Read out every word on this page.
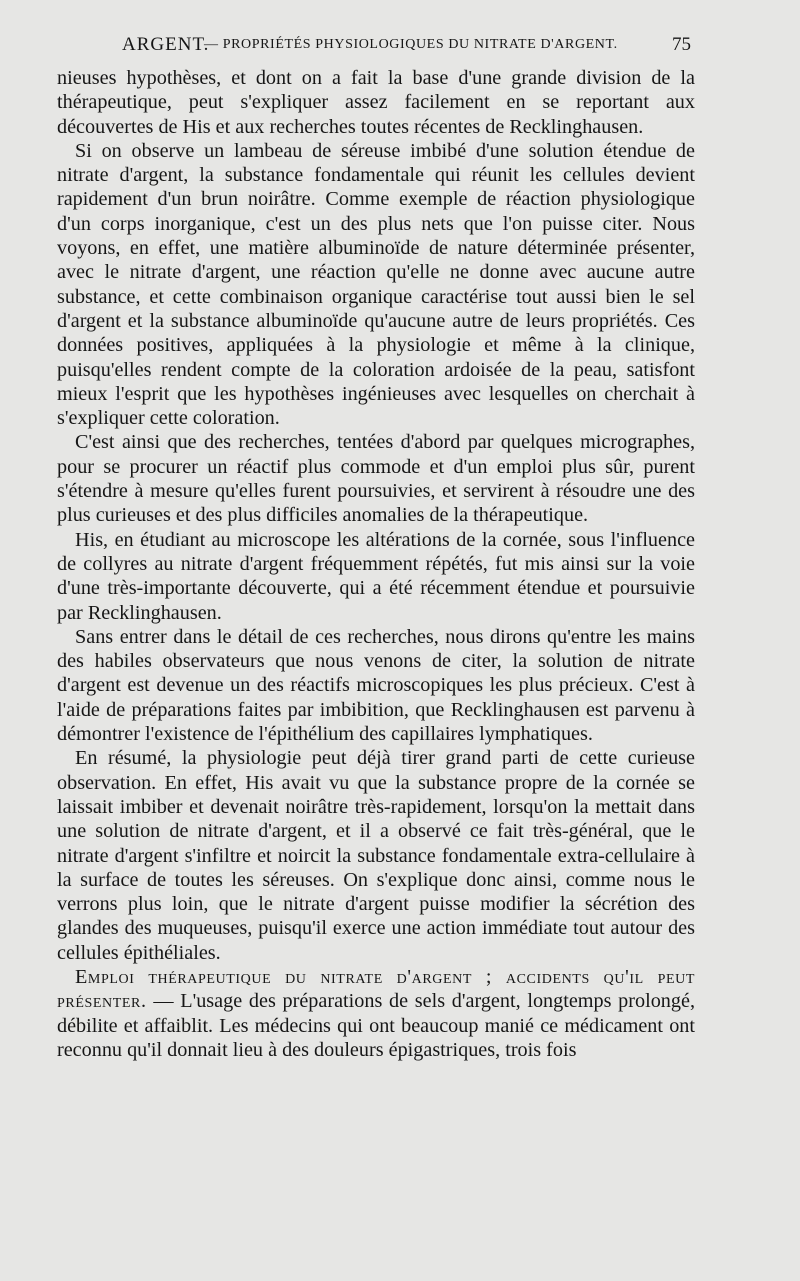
ARGENT.
— PROPRIÉTÉS PHYSIOLOGIQUES DU NITRATE D'ARGENT.	75

nieuses hypothèses, et dont on a fait la base d'une grande division de la thérapeutique, peut s'expliquer assez facilement en se reportant aux découvertes de His et aux recherches toutes récentes de Recklinghausen.

Si on observe un lambeau de séreuse imbibé d'une solution étendue de nitrate d'argent, la substance fondamentale qui réunit les cellules devient rapidement d'un brun noirâtre. Comme exemple de réaction physiologique d'un corps inorganique, c'est un des plus nets que l'on puisse citer. Nous voyons, en effet, une matière albuminoïde de nature déterminée présenter, avec le nitrate d'argent, une réaction qu'elle ne donne avec aucune autre substance, et cette combinaison organique caractérise tout aussi bien le sel d'argent et la substance albuminoïde qu'aucune autre de leurs propriétés. Ces données positives, appliquées à la physiologie et même à la clinique, puisqu'elles rendent compte de la coloration ardoisée de la peau, satisfont mieux l'esprit que les hypothèses ingénieuses avec lesquelles on cherchait à s'expliquer cette coloration.

C'est ainsi que des recherches, tentées d'abord par quelques micrographes, pour se procurer un réactif plus commode et d'un emploi plus sûr, purent s'étendre à mesure qu'elles furent poursuivies, et servirent à résoudre une des plus curieuses et des plus difficiles anomalies de la thérapeutique.

His, en étudiant au microscope les altérations de la cornée, sous l'influence de collyres au nitrate d'argent fréquemment répétés, fut mis ainsi sur la voie d'une très-importante découverte, qui a été récemment étendue et poursuivie par Recklinghausen.

Sans entrer dans le détail de ces recherches, nous dirons qu'entre les mains des habiles observateurs que nous venons de citer, la solution de nitrate d'argent est devenue un des réactifs microscopiques les plus précieux. C'est à l'aide de préparations faites par imbibition, que Recklinghausen est parvenu à démontrer l'existence de l'épithélium des capillaires lymphatiques.

En résumé, la physiologie peut déjà tirer grand parti de cette curieuse observation. En effet, His avait vu que la substance propre de la cornée se laissait imbiber et devenait noirâtre très-rapidement, lorsqu'on la mettait dans une solution de nitrate d'argent, et il a observé ce fait très-général, que le nitrate d'argent s'infiltre et noircit la substance fondamentale extra-cellulaire à la surface de toutes les séreuses. On s'explique donc ainsi, comme nous le verrons plus loin, que le nitrate d'argent puisse modifier la sécrétion des glandes des muqueuses, puisqu'il exerce une action immédiate tout autour des cellules épithéliales.

Emploi thérapeutique du nitrate d'argent ; accidents qu'il peut présenter. — L'usage des préparations de sels d'argent, longtemps prolongé, débilite et affaiblit. Les médecins qui ont beaucoup manié ce médicament ont reconnu qu'il donnait lieu à des douleurs épigastriques, trois fois
